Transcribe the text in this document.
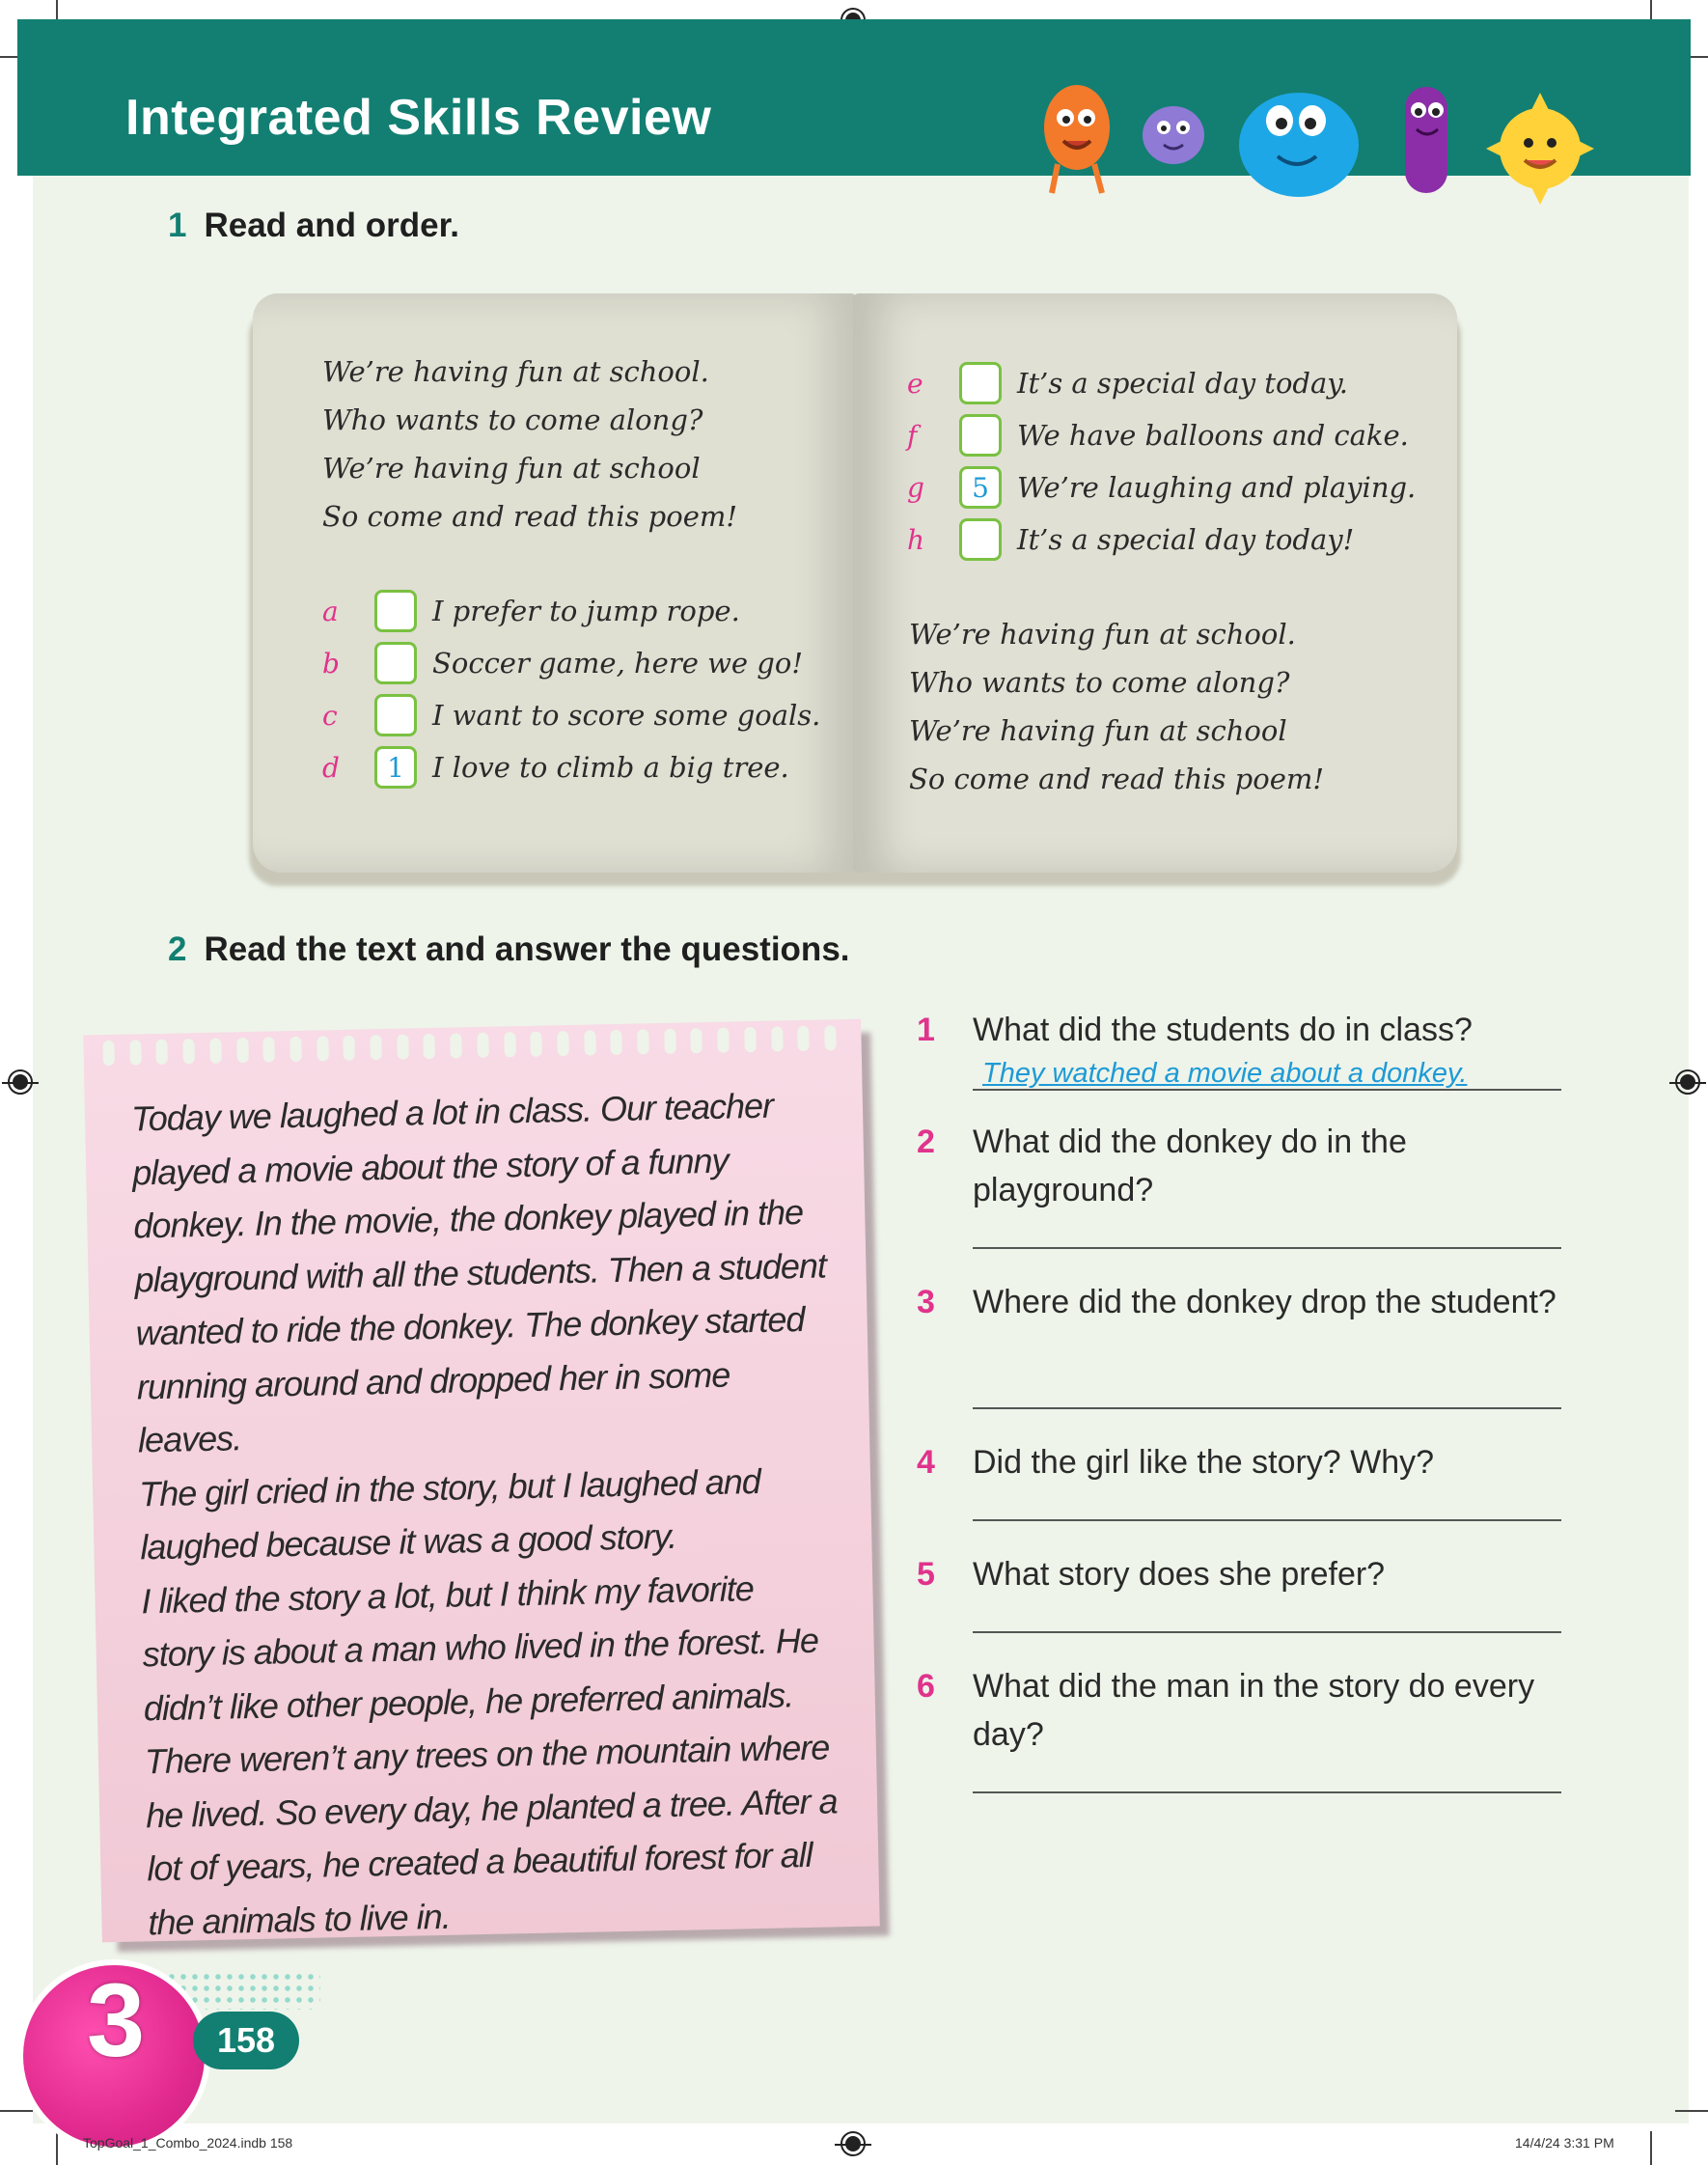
Integrated Skills Review
1 Read and order.
We’re having fun at school.
Who wants to come along?
We’re having fun at school
So come and read this poem!
a	I prefer to jump rope.
b	Soccer game, here we go!
c	I want to score some goals.
d	1	I love to climb a big tree.
e	It’s a special day today.
f	We have balloons and cake.
g	5	We’re laughing and playing.
h	It’s a special day today!
We’re having fun at school.
Who wants to come along?
We’re having fun at school
So come and read this poem!
2 Read the text and answer the questions.
Today we laughed a lot in class. Our teacher
played a movie about the story of a funny
donkey. In the movie, the donkey played in the
playground with all the students. Then a student
wanted to ride the donkey. The donkey started
running around and dropped her in some leaves.
The girl cried in the story, but I laughed and
laughed because it was a good story.
I liked the story a lot, but I think my favorite
story is about a man who lived in the forest. He
didn’t like other people, he preferred animals.
There weren’t any trees on the mountain where
he lived. So every day, he planted a tree. After a
lot of years, he created a beautiful forest for all
the animals to live in.
1 What did the students do in class?
They watched a movie about a donkey.
2 What did the donkey do in the playground?
3 Where did the donkey drop the student?
4 Did the girl like the story? Why?
5 What story does she prefer?
6 What did the man in the story do every day?
3	158
TopGoal_1_Combo_2024.indb 158	14/4/24 3:31 PM
